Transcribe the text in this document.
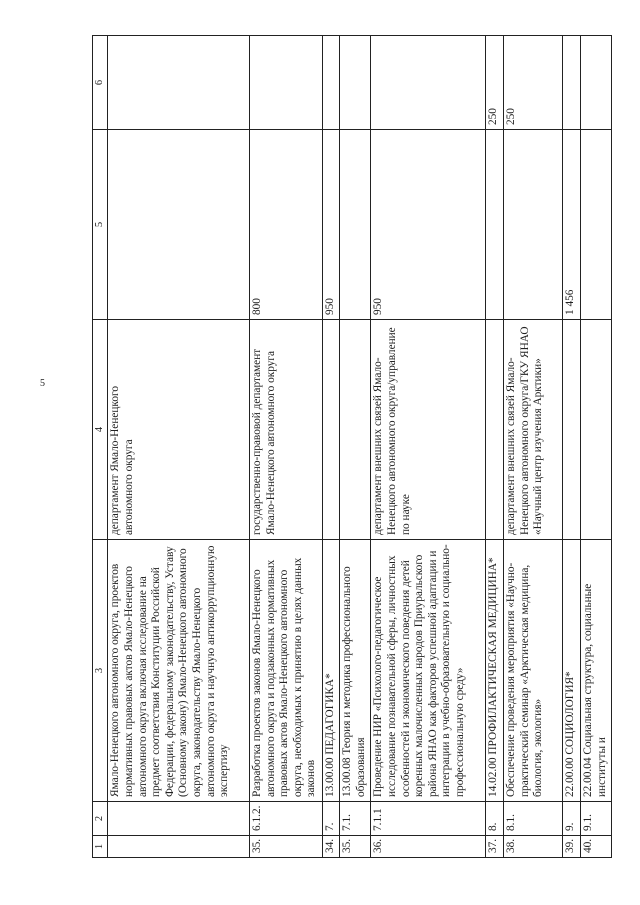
5
1	2	3	4	5	6
		Ямало-Ненецкого автономного округа, проектов нормативных правовых актов Ямало-Ненецкого автономного округа включая исследование на предмет соответствия Конституции Российской Федерации, федеральному законодательству, Уставу (Основному закону) Ямало-Ненецкого автономного округа, законодательству Ямало-Ненецкого автономного округа и научную антикоррупционную экспертизу	департамент Ямало-Ненецкого автономного округа		
35.	6.1.2.	Разработка проектов законов Ямало-Ненецкого автономного округа и подзаконных нормативных правовых актов Ямало-Ненецкого автономного округа, необходимых к принятию в целях данных законов	государственно-правовой департамент Ямало-Ненецкого автономного округа	800	
34.	7.	13.00.00 ПЕДАГОГИКА*		950	
35.	7.1.	13.00.08 Теория и методика профессионального образования			
36.	7.1.1	Проведение НИР «Психолого-педагогическое исследование познавательной сферы, личностных особенностей и экономического поведения детей коренных малочисленных народов Приуральского района ЯНАО как факторов успешной адаптации и интеграции в учебно-образовательную и социально-профессиональную среду»	департамент внешних связей Ямало-Ненецкого автономного округа/управление по науке	950	
37.	8.	14.02.00 ПРОФИЛАКТИЧЕСКАЯ МЕДИЦИНА*			250
38.	8.1.	Обеспечение проведения мероприятия «Научно-практический семинар «Арктическая медицина, биология, экология»	департамент внешних связей Ямало-Ненецкого автономного округа/ГКУ ЯНАО «Научный центр изучения Арктики»		250
39.	9.	22.00.00 СОЦИОЛОГИЯ*		1 456	
40.	9.1.	22.00.04 Социальная структура, социальные институты и			
